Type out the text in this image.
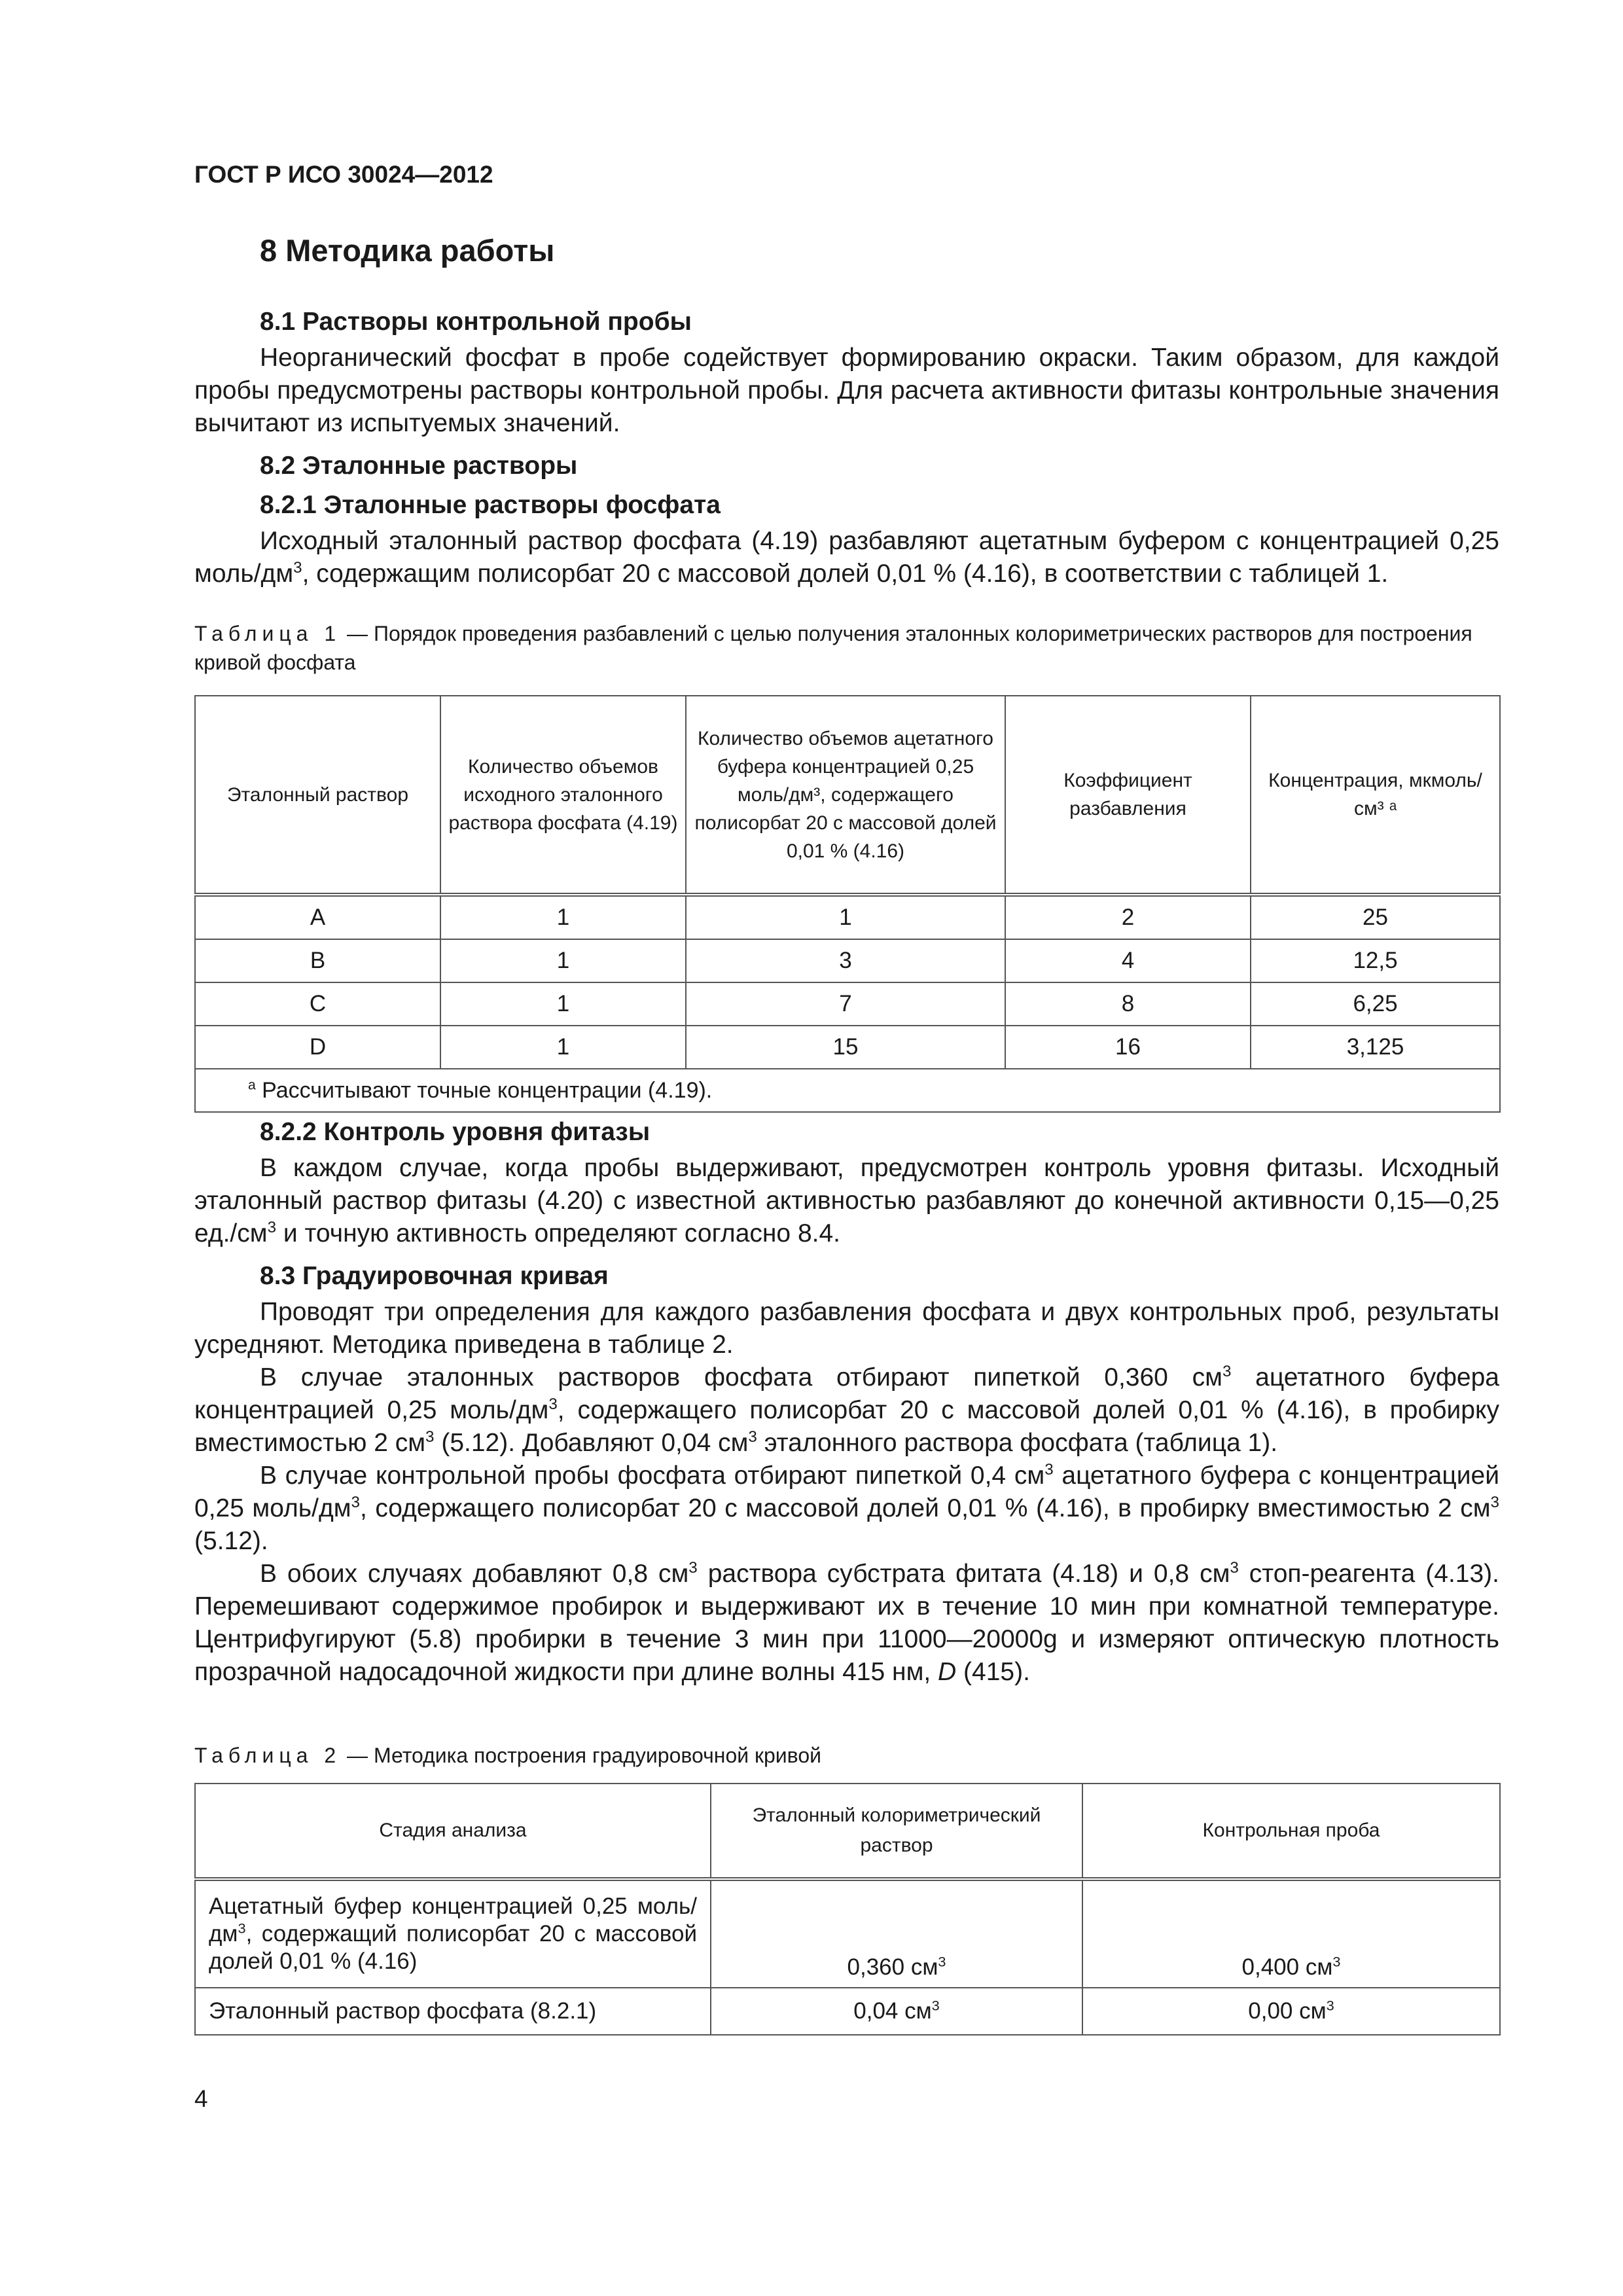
ГОСТ Р ИСО 30024—2012
8 Методика работы
8.1 Растворы контрольной пробы

Неорганический фосфат в пробе содействует формированию окраски. Таким образом, для каждой пробы предусмотрены растворы контрольной пробы. Для расчета активности фитазы контрольные значения вычитают из испытуемых значений.

8.2 Эталонные растворы
8.2.1 Эталонные растворы фосфата

Исходный эталонный раствор фосфата (4.19) разбавляют ацетатным буфером с концентрацией 0,25 моль/$дм^3$, содержащим полисорбат 20 с массовой долей 0,01 % (4.16), в соответствии с таблицей 1.

Таблица 1 — Порядок проведения разбавлений с целью получения эталонных колориметрических растворов для построения кривой фосфата
Эталонный раствор	Количество объемов исходного эталонного раствора фосфата (4.19)	Количество объемов ацетатного буфера концентрацией 0,25 моль/дм³, содержащего полисорбат 20 с массовой долей 0,01 % (4.16)	Коэффициент разбавления	Концентрация, мкмоль/см³ ᵃ
A	1	1	2	25
B	1	3	4	12,5
C	1	7	8	6,25
D	1	15	16	3,125
$^a$ Рассчитывают точные концентрации (4.19).				
8.2.2 Контроль уровня фитазы

В каждом случае, когда пробы выдерживают, предусмотрен контроль уровня фитазы. Исходный эталонный раствор фитазы (4.20) с известной активностью разбавляют до конечной активности 0,15—0,25 $ед./см^3$ и точную активность определяют согласно 8.4.

8.3 Градуировочная кривая

Проводят три определения для каждого разбавления фосфата и двух контрольных проб, результаты усредняют. Методика приведена в таблице 2.

В случае эталонных растворов фосфата отбирают пипеткой 0,360 $см^3$ ацетатного буфера концентрацией 0,25 моль/$дм^3$, содержащего полисорбат 20 с массовой долей 0,01 % (4.16), в пробирку вместимостью 2 $см^3$ (5.12). Добавляют 0,04 $см^3$ эталонного раствора фосфата (таблица 1).

В случае контрольной пробы фосфата отбирают пипеткой 0,4 $см^3$ ацетатного буфера с концентрацией 0,25 моль/$дм^3$, содержащего полисорбат 20 с массовой долей 0,01 % (4.16), в пробирку вместимостью 2 $см^3$ (5.12).

В обоих случаях добавляют 0,8 $см^3$ раствора субстрата фитата (4.18) и 0,8 $см^3$ стоп-реагента (4.13). Перемешивают содержимое пробирок и выдерживают их в течение 10 мин при комнатной температуре. Центрифугируют (5.8) пробирки в течение 3 мин при 11000—20000g и измеряют оптическую плотность прозрачной надосадочной жидкости при длине волны 415 нм, D (415).

Таблица 2 — Методика построения градуировочной кривой
Стадия анализа	Эталонный колориметрический раствор	Контрольная проба
Ацетатный буфер концентрацией 0,25 моль/$дм^3$, содержащий полисорбат 20 с массовой долей 0,01 % (4.16)	0,360 $см^3$	0,400 $см^3$
Эталонный раствор фосфата (8.2.1)	0,04 $см^3$	0,00 $см^3$
4
